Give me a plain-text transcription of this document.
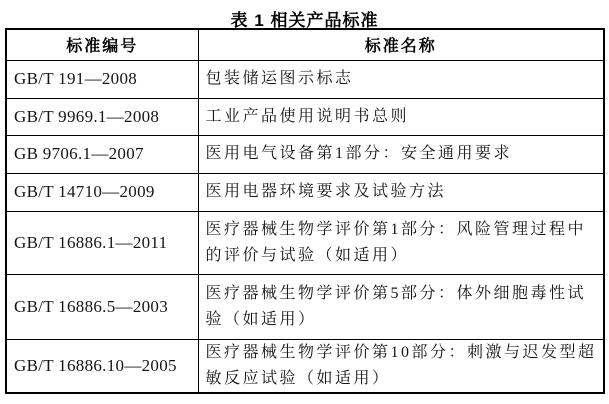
表 1 相关产品标准
标准编号	标准名称
GB/T 191—2008	包装储运图示标志
GB/T 9969.1—2008	工业产品使用说明书总则
GB 9706.1—2007	医用电气设备第1部分：安全通用要求
GB/T 14710—2009	医用电器环境要求及试验方法
GB/T 16886.1—2011	医疗器械生物学评价第1部分：风险管理过程中的评价与试验（如适用）
GB/T 16886.5—2003	医疗器械生物学评价第5部分：体外细胞毒性试验（如适用）
GB/T 16886.10—2005	医疗器械生物学评价第10部分：刺激与迟发型超敏反应试验（如适用）
